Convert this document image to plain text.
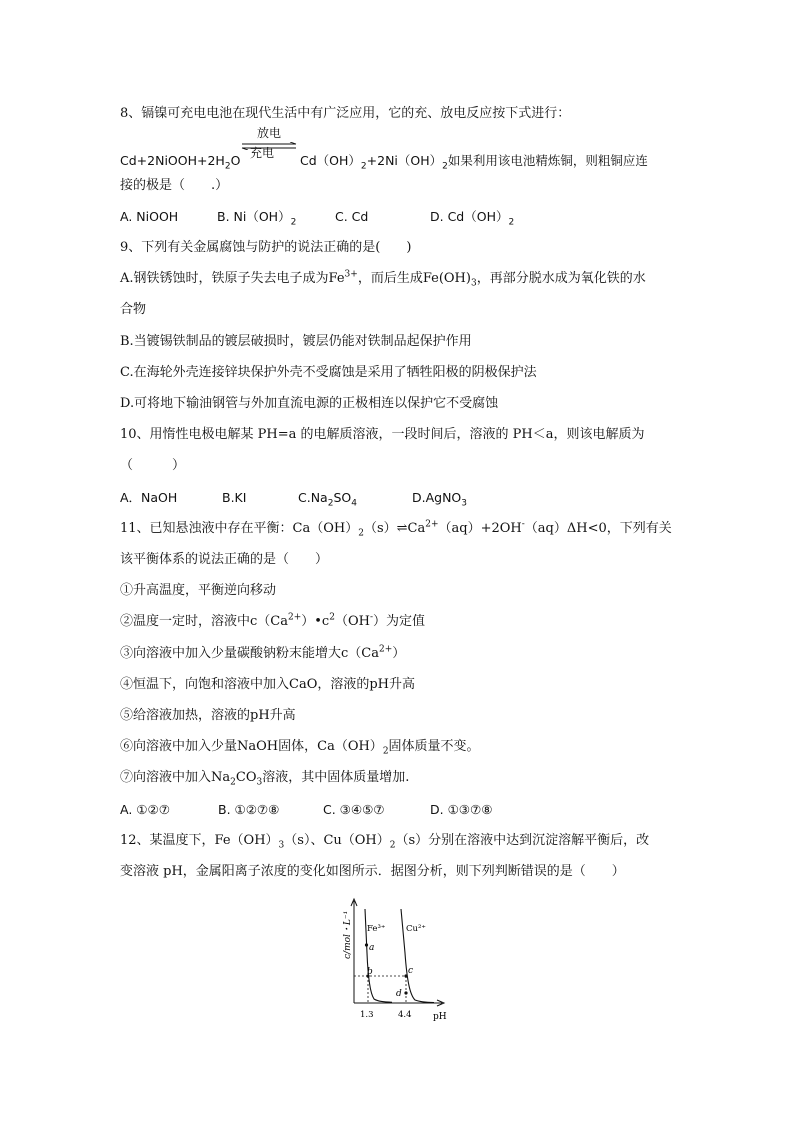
8、镉镍可充电电池在现代生活中有广泛应用，它的充、放电反应按下式进行：
放电
充电
$Cd+2NiOOH+2H_2O$	$Cd(OH)_2+2Ni(OH)_2$如果利用该电池精炼铜，则粗铜应连
接的极是（　　.）
A. NiOOH	B. $Ni(OH)_2$	C. Cd	D. $Cd(OH)_2$
9、下列有关金属腐蚀与防护的说法正确的是(　　)
A.钢铁锈蚀时，铁原子失去电子成为$Fe^{3+}$，而后生成$Fe(OH)_3$，再部分脱水成为氧化铁的水
合物
B.当镀锡铁制品的镀层破损时，镀层仍能对铁制品起保护作用
C.在海轮外壳连接锌块保护外壳不受腐蚀是采用了牺牲阳极的阴极保护法
D.可将地下输油钢管与外加直流电源的正极相连以保护它不受腐蚀
10、用惰性电极电解某 PH=a 的电解质溶液，一段时间后，溶液的 PH＜a，则该电解质为
（　　　）
A．NaOH	B.KI	$C.Na_2SO_4$	D.AgNO$_3$
11、已知悬浊液中存在平衡：$Ca(OH)_2(s)\rightleftharpoons Ca^{2+}(aq)+2OH^-(aq)\Delta H<0$，下列有关
该平衡体系的说法正确的是（　　）
①升高温度，平衡逆向移动
②温度一定时，溶液中$c(Ca^{2+})•c^2(OH^-)$为定值
③向溶液中加入少量碳酸钠粉末能增大$c(Ca^{2+})$
④恒温下，向饱和溶液中加入CaO，溶液的pH升高
⑤给溶液加热，溶液的pH升高
⑥向溶液中加入少量NaOH固体，$Ca(OH)_2$固体质量不变。
⑦向溶液中加入$Na_2CO_3$溶液，其中固体质量增加.
A. ①②⑦	B. ①②⑦⑧	C. ③④⑤⑦	D. ①③⑦⑧
12、某温度下，$Fe(OH)_3(s)$、$Cu(OH)_2(s)$分别在溶液中达到沉淀溶解平衡后，改
变溶液 pH，金属阳离子浓度的变化如图所示．据图分析，则下列判断错误的是（　　）
c/mol・L⁻¹ a
b	c
d
Fe³⁺ Cu²⁺
1.3	4.4 pH
